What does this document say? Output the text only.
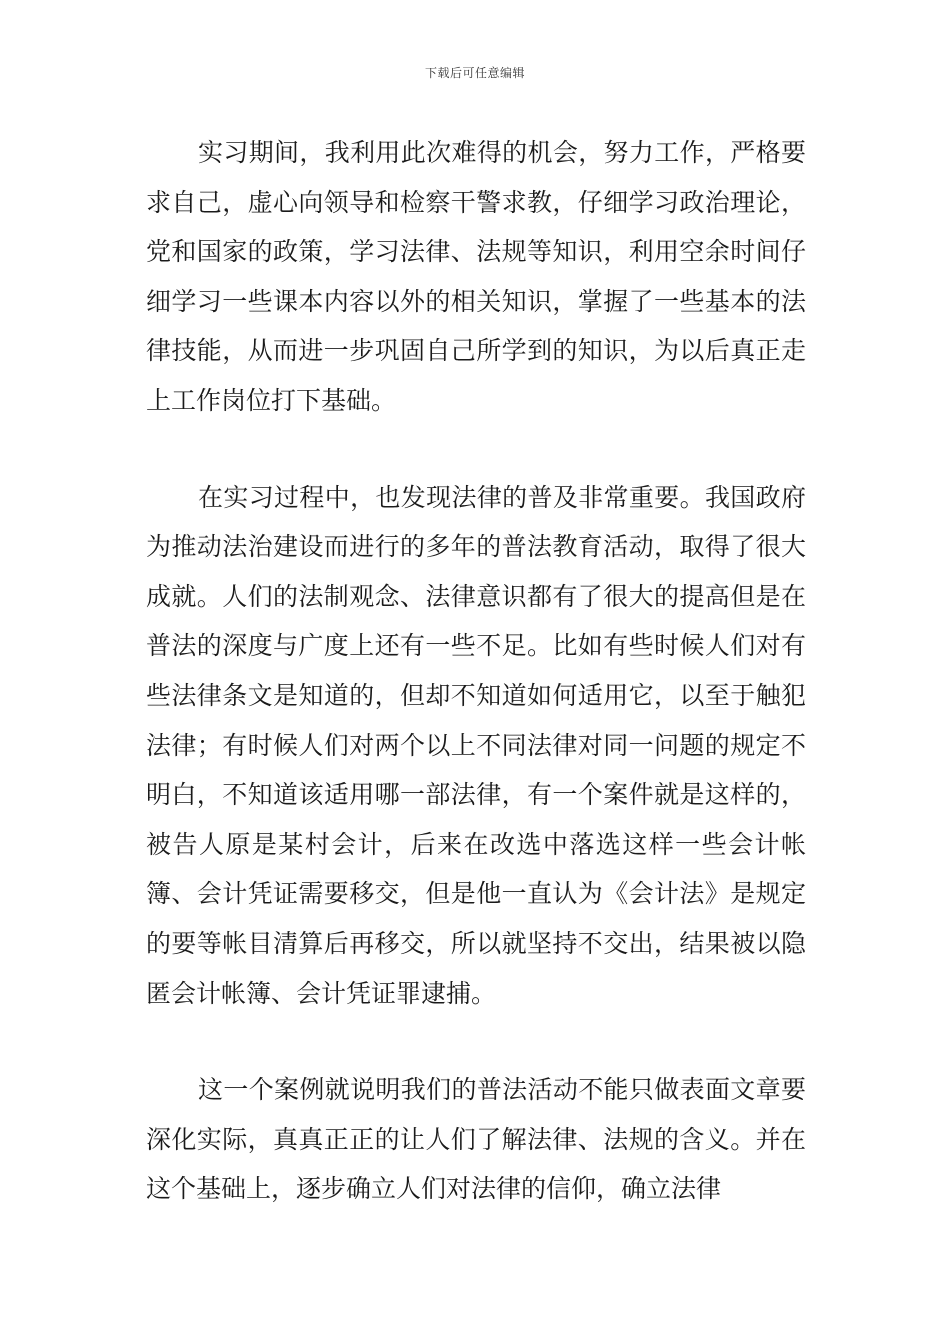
下载后可任意编辑

实习期间，我利用此次难得的机会，努力工作，严格要求自己，虚心向领导和检察干警求教，仔细学习政治理论，党和国家的政策，学习法律、法规等知识，利用空余时间仔细学习一些课本内容以外的相关知识，掌握了一些基本的法律技能，从而进一步巩固自己所学到的知识，为以后真正走上工作岗位打下基础。

在实习过程中，也发现法律的普及非常重要。我国政府为推动法治建设而进行的多年的普法教育活动，取得了很大成就。人们的法制观念、法律意识都有了很大的提高但是在普法的深度与广度上还有一些不足。比如有些时候人们对有些法律条文是知道的，但却不知道如何适用它，以至于触犯法律；有时候人们对两个以上不同法律对同一问题的规定不明白，不知道该适用哪一部法律，有一个案件就是这样的，被告人原是某村会计，后来在改选中落选这样一些会计帐簿、会计凭证需要移交，但是他一直认为《会计法》是规定的要等帐目清算后再移交，所以就坚持不交出，结果被以隐匿会计帐簿、会计凭证罪逮捕。

这一个案例就说明我们的普法活动不能只做表面文章要深化实际，真真正正的让人们了解法律、法规的含义。并在这个基础上，逐步确立人们对法律的信仰，确立法律
